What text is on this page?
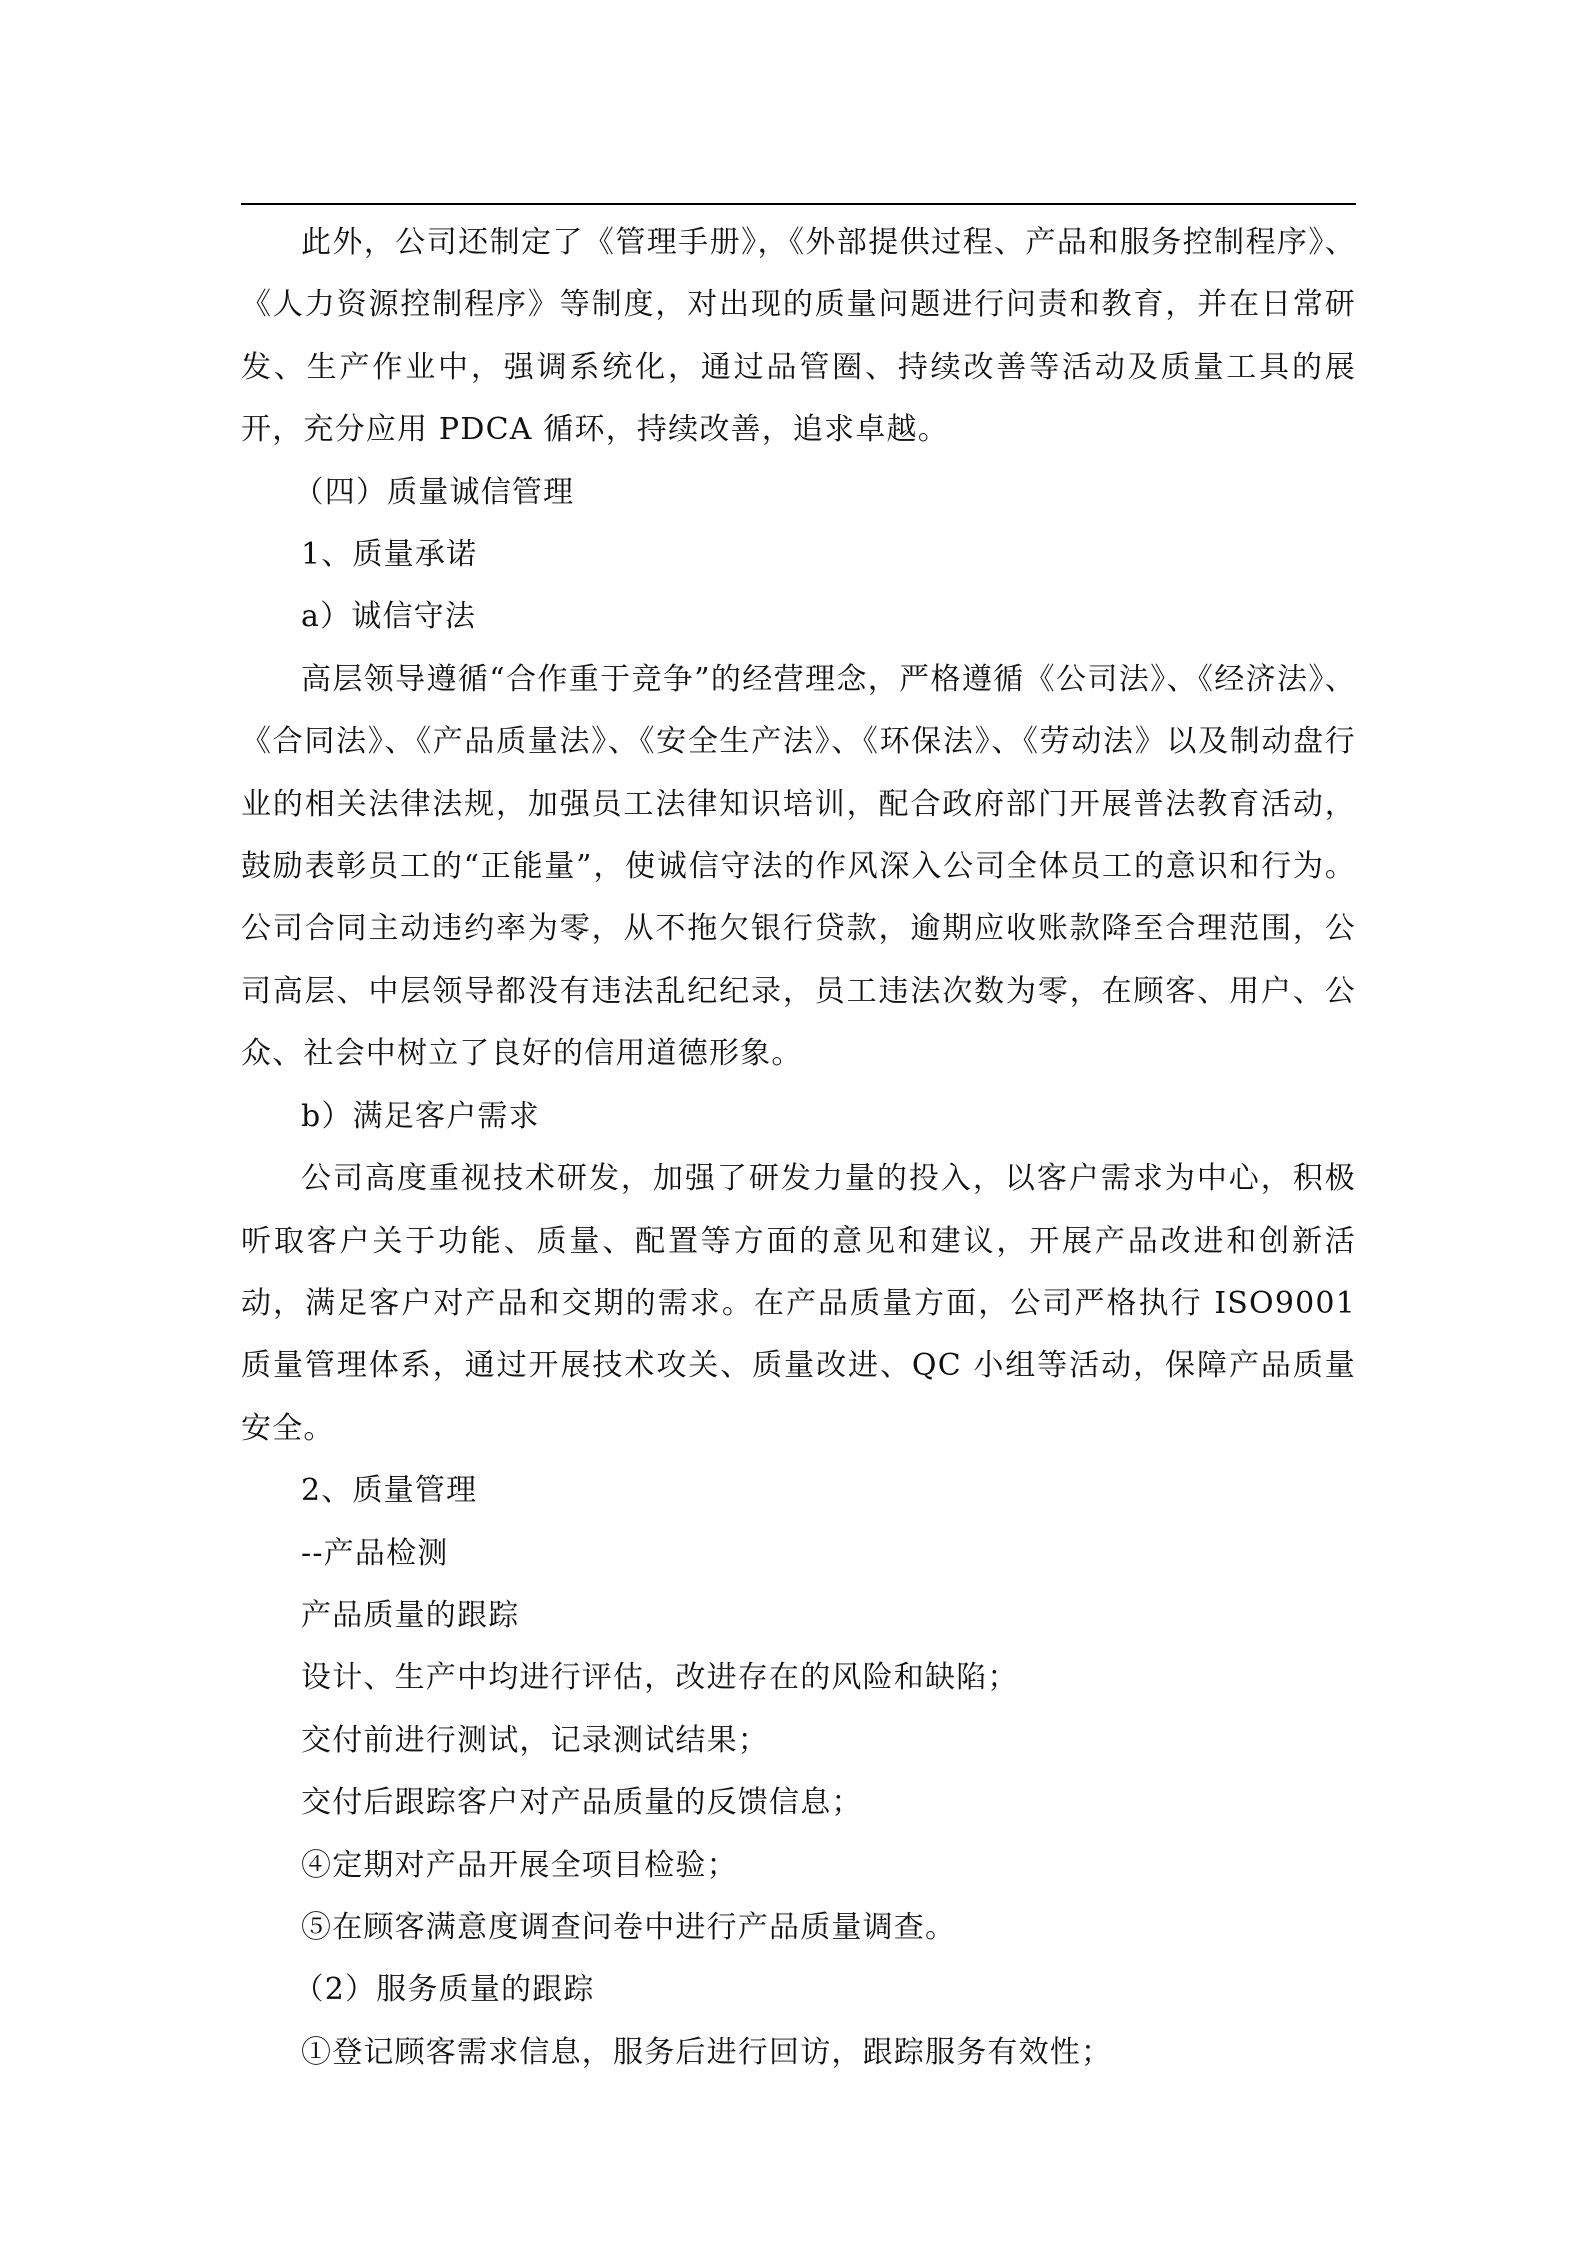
此外，公司还制定了《管理手册》，《外部提供过程、产品和服务控制程序》、《人力资源控制程序》等制度，对出现的质量问题进行问责和教育，并在日常研发、生产作业中，强调系统化，通过品管圈、持续改善等活动及质量工具的展开，充分应用 PDCA 循环，持续改善，追求卓越。

（四）质量诚信管理

1、质量承诺

a）诚信守法

高层领导遵循“合作重于竞争”的经营理念，严格遵循《公司法》、《经济法》、《合同法》、《产品质量法》、《安全生产法》、《环保法》、《劳动法》以及制动盘行业的相关法律法规，加强员工法律知识培训，配合政府部门开展普法教育活动，鼓励表彰员工的“正能量”，使诚信守法的作风深入公司全体员工的意识和行为。公司合同主动违约率为零，从不拖欠银行贷款，逾期应收账款降至合理范围，公司高层、中层领导都没有违法乱纪纪录，员工违法次数为零，在顾客、用户、公众、社会中树立了良好的信用道德形象。

b）满足客户需求

公司高度重视技术研发，加强了研发力量的投入，以客户需求为中心，积极听取客户关于功能、质量、配置等方面的意见和建议，开展产品改进和创新活动，满足客户对产品和交期的需求。在产品质量方面，公司严格执行 ISO9001 质量管理体系，通过开展技术攻关、质量改进、QC 小组等活动，保障产品质量安全。

2、质量管理

--产品检测

产品质量的跟踪

设计、生产中均进行评估，改进存在的风险和缺陷；

交付前进行测试，记录测试结果；

交付后跟踪客户对产品质量的反馈信息；

④定期对产品开展全项目检验；

⑤在顾客满意度调查问卷中进行产品质量调查。

（2）服务质量的跟踪

①登记顾客需求信息，服务后进行回访，跟踪服务有效性；
